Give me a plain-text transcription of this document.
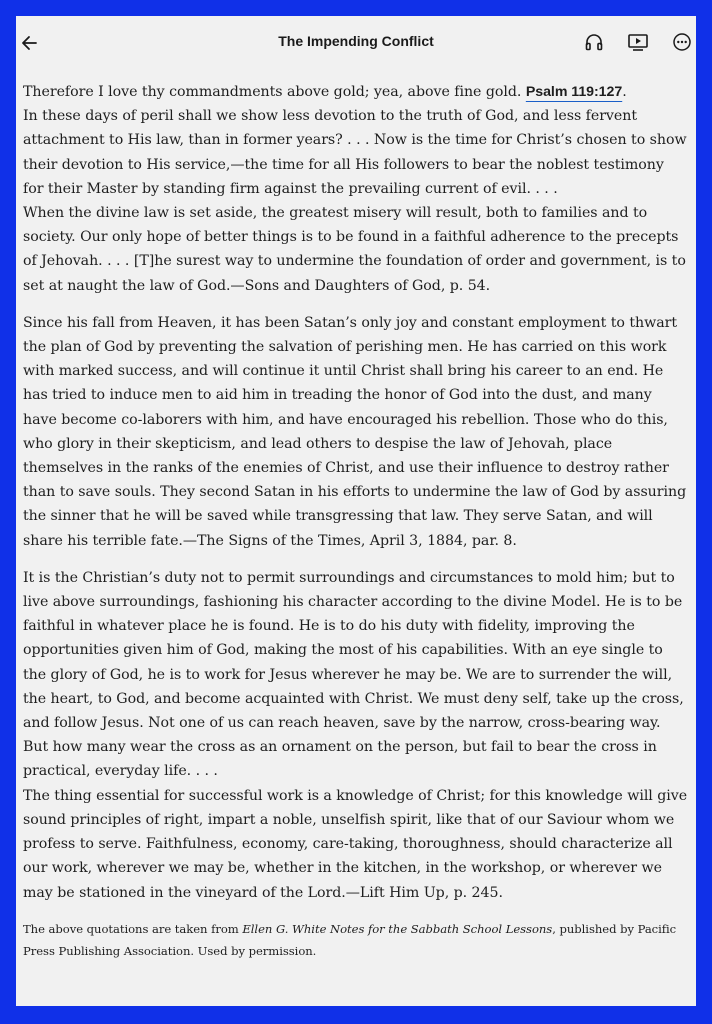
The Impending Conflict

Therefore I love thy commandments above gold; yea, above fine gold. Psalm 119:127.
In these days of peril shall we show less devotion to the truth of God, and less fervent attachment to His law, than in former years? . . . Now is the time for Christ’s chosen to show their devotion to His service,—the time for all His followers to bear the noblest testimony for their Master by standing firm against the prevailing current of evil. . . .
When the divine law is set aside, the greatest misery will result, both to families and to society. Our only hope of better things is to be found in a faithful adherence to the precepts of Jehovah. . . . [T]he surest way to undermine the foundation of order and government, is to set at naught the law of God.—Sons and Daughters of God, p. 54.

Since his fall from Heaven, it has been Satan’s only joy and constant employment to thwart the plan of God by preventing the salvation of perishing men. He has carried on this work with marked success, and will continue it until Christ shall bring his career to an end. He has tried to induce men to aid him in treading the honor of God into the dust, and many have become co-laborers with him, and have encouraged his rebellion. Those who do this, who glory in their skepticism, and lead others to despise the law of Jehovah, place themselves in the ranks of the enemies of Christ, and use their influence to destroy rather than to save souls. They second Satan in his efforts to undermine the law of God by assuring the sinner that he will be saved while transgressing that law. They serve Satan, and will share his terrible fate.—The Signs of the Times, April 3, 1884, par. 8.

It is the Christian’s duty not to permit surroundings and circumstances to mold him; but to live above surroundings, fashioning his character according to the divine Model. He is to be faithful in whatever place he is found. He is to do his duty with fidelity, improving the opportunities given him of God, making the most of his capabilities. With an eye single to the glory of God, he is to work for Jesus wherever he may be. We are to surrender the will, the heart, to God, and become acquainted with Christ. We must deny self, take up the cross, and follow Jesus. Not one of us can reach heaven, save by the narrow, cross-bearing way. But how many wear the cross as an ornament on the person, but fail to bear the cross in practical, everyday life. . . .
The thing essential for successful work is a knowledge of Christ; for this knowledge will give sound principles of right, impart a noble, unselfish spirit, like that of our Saviour whom we profess to serve. Faithfulness, economy, care-taking, thoroughness, should characterize all our work, wherever we may be, whether in the kitchen, in the workshop, or wherever we may be stationed in the vineyard of the Lord.—Lift Him Up, p. 245.

The above quotations are taken from Ellen G. White Notes for the Sabbath School Lessons, published by Pacific Press Publishing Association. Used by permission.
